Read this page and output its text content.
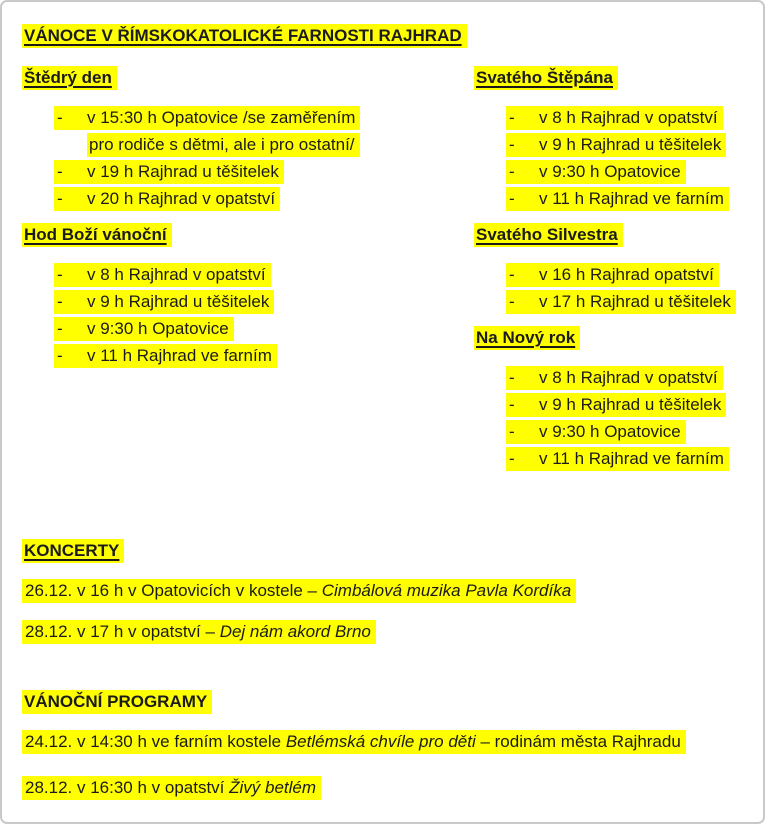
VÁNOCE V ŘÍMSKOKATOLICKÉ FARNOSTI RAJHRAD
Štědrý den
- v 15:30 h Opatovice /se zaměřením
pro rodiče s dětmi, ale i pro ostatní/
- v 19 h Rajhrad u těšitelek
- v 20 h Rajhrad v opatství
Hod Boží vánoční
- v 8 h Rajhrad v opatství
- v 9 h Rajhrad u těšitelek
- v 9:30 h Opatovice
- v 11 h Rajhrad ve farním
Svatého Štěpána
- v 8 h Rajhrad v opatství
- v 9 h Rajhrad u těšitelek
- v 9:30 h Opatovice
- v 11 h Rajhrad ve farním
Svatého Silvestra
- v 16 h Rajhrad opatství
- v 17 h Rajhrad u těšitelek
Na Nový rok
- v 8 h Rajhrad v opatství
- v 9 h Rajhrad u těšitelek
- v 9:30 h Opatovice
- v 11 h Rajhrad ve farním
KONCERTY

26.12. v 16 h v Opatovicích v kostele – Cimbálová muzika Pavla Kordíka

28.12. v 17 h v opatství – Dej nám akord Brno

VÁNOČNÍ PROGRAMY

24.12. v 14:30 h ve farním kostele Betlémská chvíle pro děti – rodinám města Rajhradu

28.12. v 16:30 h v opatství Živý betlém
